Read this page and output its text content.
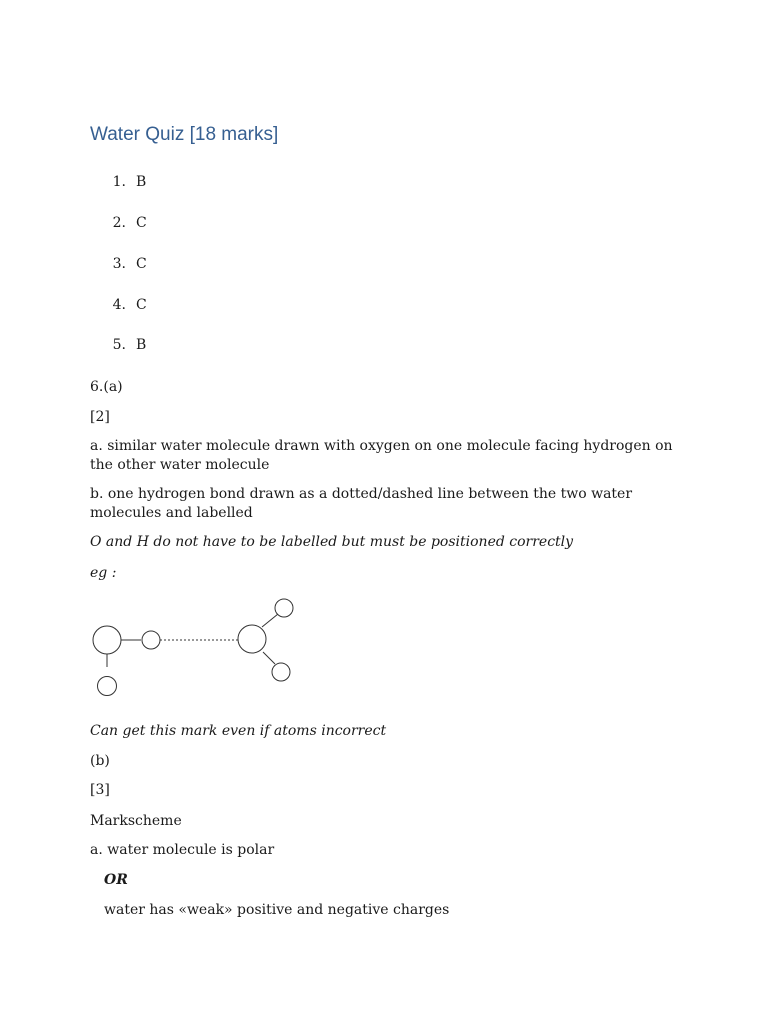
Water Quiz [18 marks]
1. B
2. C
3. C
4. C
5. B
6.(a)
[2]
a. similar water molecule drawn with oxygen on one molecule facing hydrogen on the other water molecule
b. one hydrogen bond drawn as a dotted/dashed line between the two water molecules and labelled
O and H do not have to be labelled but must be positioned correctly
eg :
Can get this mark even if atoms incorrect
(b)
[3]
Markscheme
a. water molecule is polar
OR
water has «weak» positive and negative charges
